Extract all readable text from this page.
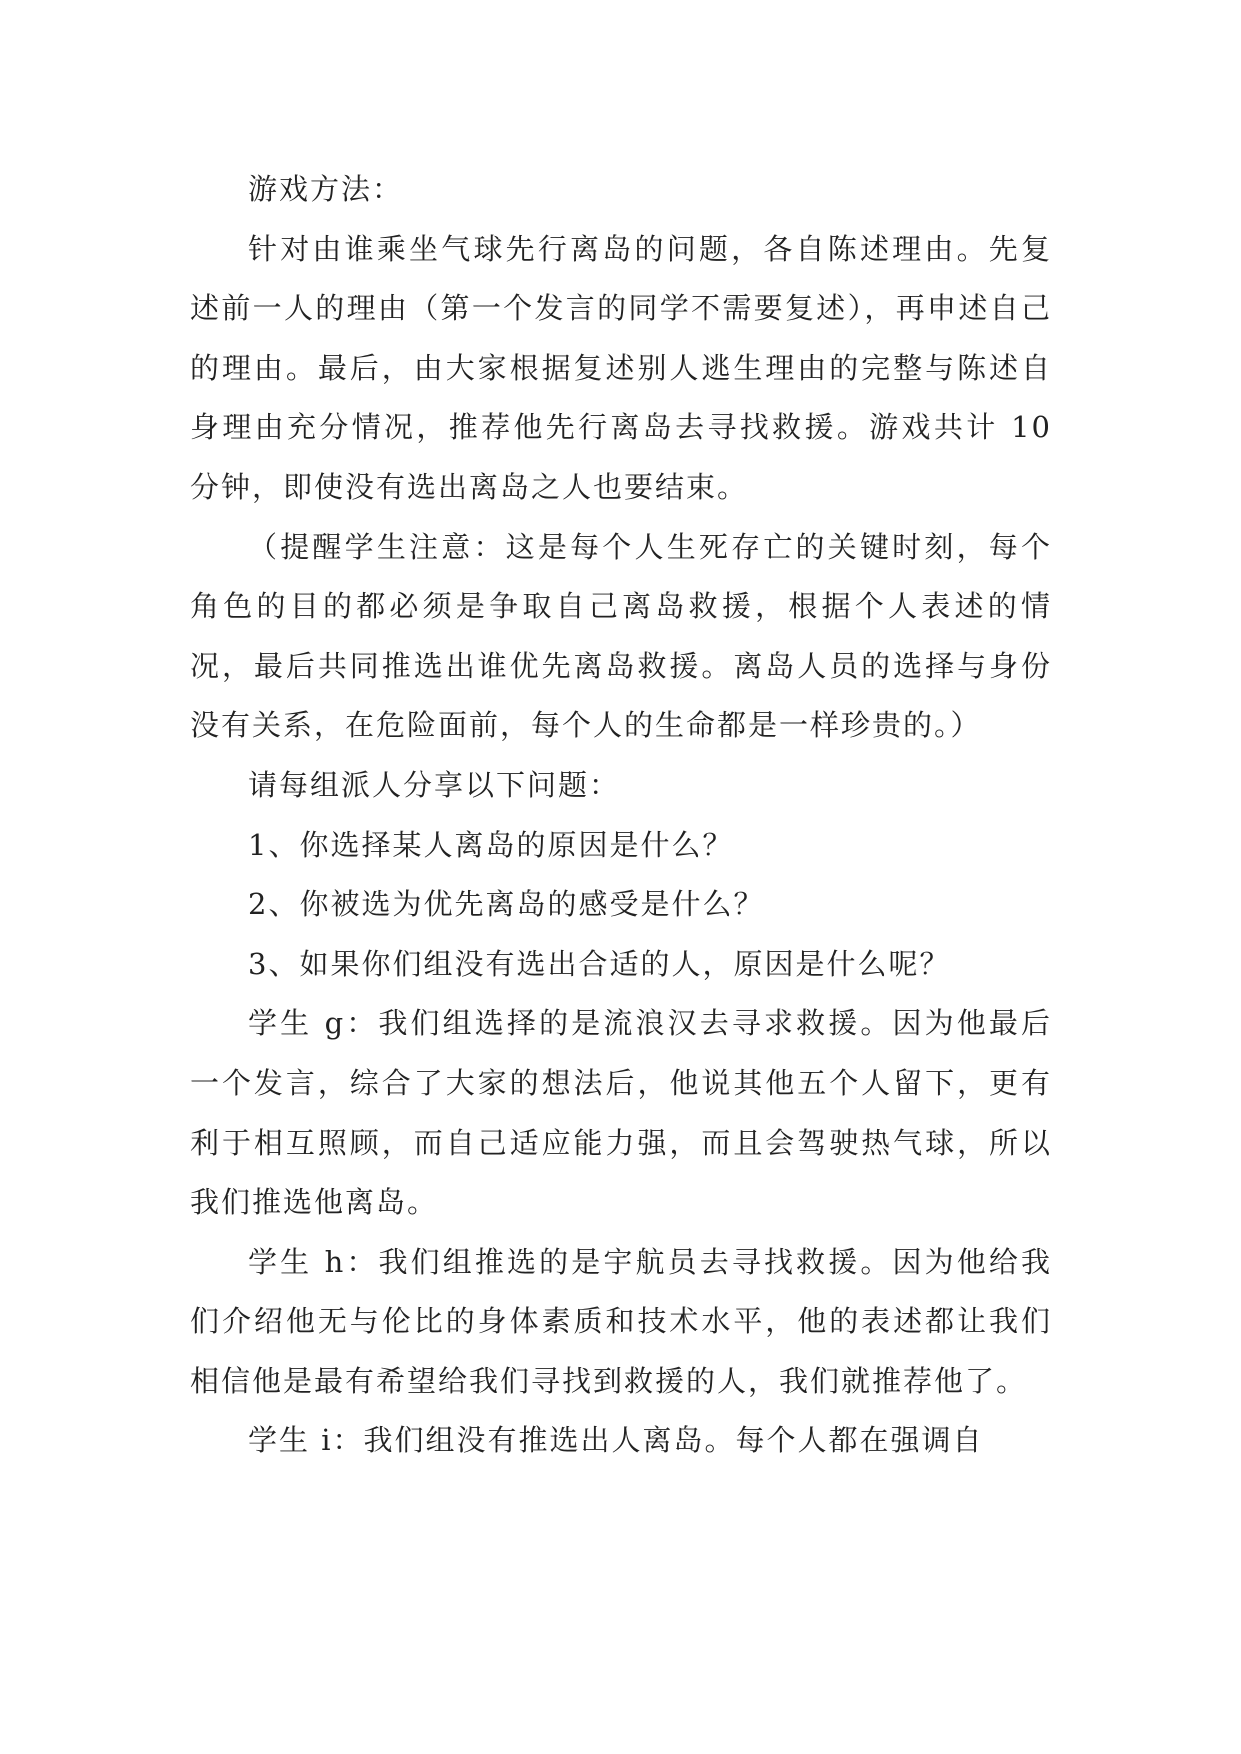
游戏方法：

针对由谁乘坐气球先行离岛的问题，各自陈述理由。先复述前一人的理由（第一个发言的同学不需要复述），再申述自己的理由。最后，由大家根据复述别人逃生理由的完整与陈述自身理由充分情况，推荐他先行离岛去寻找救援。游戏共计 10 分钟，即使没有选出离岛之人也要结束。

（提醒学生注意：这是每个人生死存亡的关键时刻，每个角色的目的都必须是争取自己离岛救援，根据个人表述的情况，最后共同推选出谁优先离岛救援。离岛人员的选择与身份没有关系，在危险面前，每个人的生命都是一样珍贵的。）

请每组派人分享以下问题：

1、你选择某人离岛的原因是什么？

2、你被选为优先离岛的感受是什么？

3、如果你们组没有选出合适的人，原因是什么呢？

学生 g：我们组选择的是流浪汉去寻求救援。因为他最后一个发言，综合了大家的想法后，他说其他五个人留下，更有利于相互照顾，而自己适应能力强，而且会驾驶热气球，所以我们推选他离岛。

学生 h：我们组推选的是宇航员去寻找救援。因为他给我们介绍他无与伦比的身体素质和技术水平，他的表述都让我们相信他是最有希望给我们寻找到救援的人，我们就推荐他了。

学生 i：我们组没有推选出人离岛。每个人都在强调自
